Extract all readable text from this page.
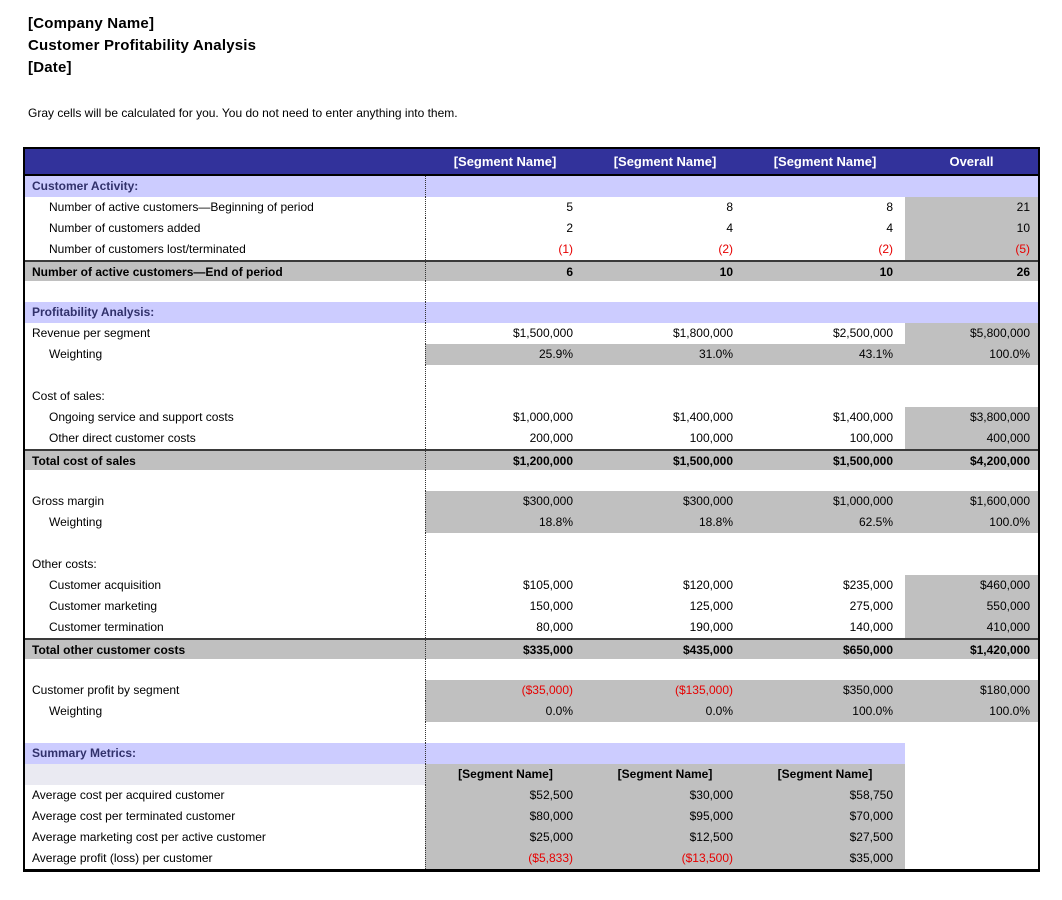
[Company Name]
Customer Profitability Analysis
[Date]
Gray cells will be calculated for you. You do not need to enter anything into them.
[Segment Name]	[Segment Name]	[Segment Name]	Overall
Customer Activity:
Number of active customers—Beginning of period	5	8	8	21
Number of customers added	2	4	4	10
Number of customers lost/terminated	(1)	(2)	(2)	(5)
Number of active customers—End of period	6	10	10	26
Profitability Analysis:
Revenue per segment	$1,500,000	$1,800,000	$2,500,000	$5,800,000
Weighting	25.9%	31.0%	43.1%	100.0%
Cost of sales:
Ongoing service and support costs	$1,000,000	$1,400,000	$1,400,000	$3,800,000
Other direct customer costs	200,000	100,000	100,000	400,000
Total cost of sales	$1,200,000	$1,500,000	$1,500,000	$4,200,000
Gross margin	$300,000	$300,000	$1,000,000	$1,600,000
Weighting	18.8%	18.8%	62.5%	100.0%
Other costs:
Customer acquisition	$105,000	$120,000	$235,000	$460,000
Customer marketing	150,000	125,000	275,000	550,000
Customer termination	80,000	190,000	140,000	410,000
Total other customer costs	$335,000	$435,000	$650,000	$1,420,000
Customer profit by segment	($35,000)	($135,000)	$350,000	$180,000
Weighting	0.0%	0.0%	100.0%	100.0%
Summary Metrics:
[Segment Name]	[Segment Name]	[Segment Name]
Average cost per acquired customer	$52,500	$30,000	$58,750
Average cost per terminated customer	$80,000	$95,000	$70,000
Average marketing cost per active customer	$25,000	$12,500	$27,500
Average profit (loss) per customer	($5,833)	($13,500)	$35,000
